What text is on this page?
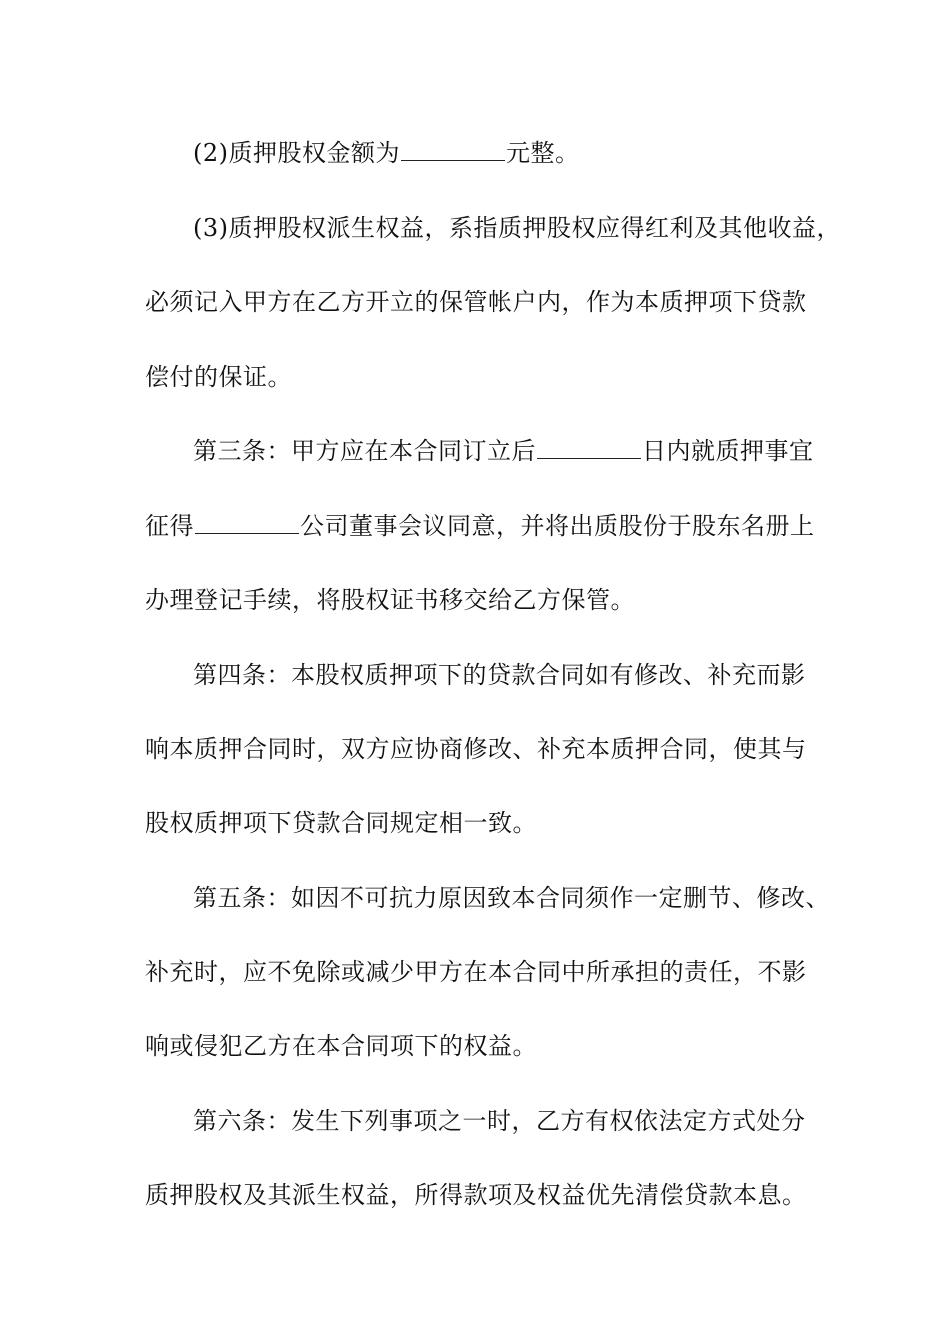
(2)质押股权金额为	元整。
(3)质押股权派生权益，系指质押股权应得红利及其他收益，
必须记入甲方在乙方开立的保管帐户内，作为本质押项下贷款
偿付的保证。
第三条：甲方应在本合同订立后	日内就质押事宜
征得	公司董事会议同意，并将出质股份于股东名册上
办理登记手续，将股权证书移交给乙方保管。
第四条：本股权质押项下的贷款合同如有修改、补充而影
响本质押合同时，双方应协商修改、补充本质押合同，使其与
股权质押项下贷款合同规定相一致。
第五条：如因不可抗力原因致本合同须作一定删节、修改、
补充时，应不免除或减少甲方在本合同中所承担的责任，不影
响或侵犯乙方在本合同项下的权益。
第六条：发生下列事项之一时，乙方有权依法定方式处分
质押股权及其派生权益，所得款项及权益优先清偿贷款本息。
